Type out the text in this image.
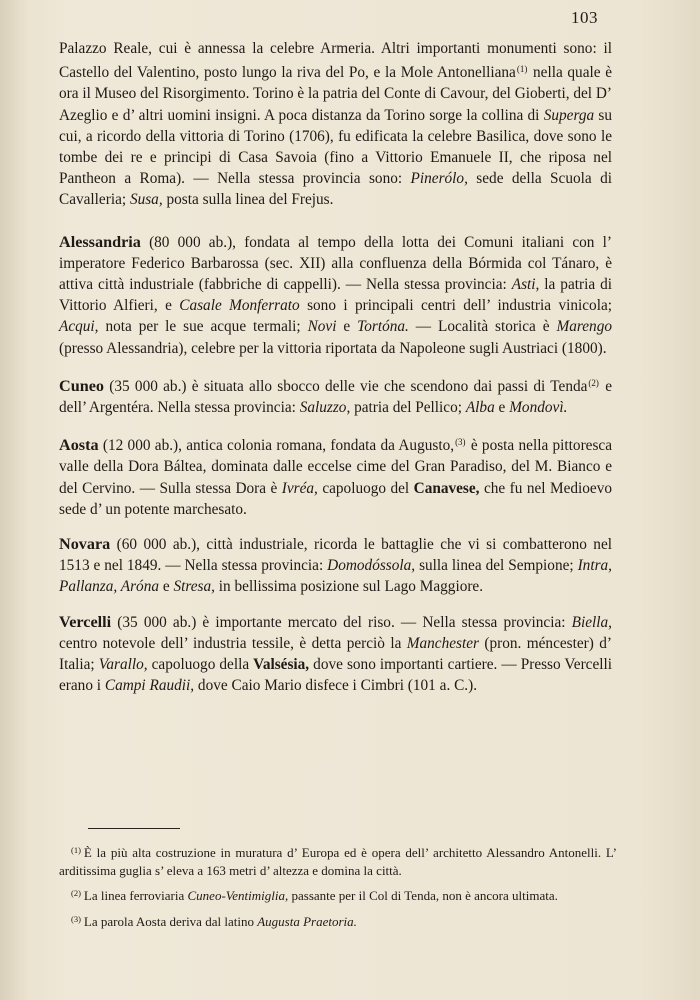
103

Palazzo Reale, cui è annessa la celebre Armeria. Altri importanti monumenti sono: il Castello del Valentino, posto lungo la riva del Po, e la Mole Antonelliana$^{(1)}$ nella quale è ora il Museo del Risorgimento. Torino è la patria del Conte di Cavour, del Gioberti, del D’ Azeglio e d’ altri uomini insigni. A poca distanza da Torino sorge la collina di Superga su cui, a ricordo della vittoria di Torino (1706), fu edificata la celebre Basilica, dove sono le tombe dei re e principi di Casa Savoia (fino a Vittorio Emanuele II, che riposa nel Pantheon a Roma). — Nella stessa provincia sono: Pinerólo, sede della Scuola di Cavalleria; Susa, posta sulla linea del Frejus.

Alessandria (80 000 ab.), fondata al tempo della lotta dei Comuni italiani con l’ imperatore Federico Barbarossa (sec. XII) alla confluenza della Bórmida col Tánaro, è attiva città industriale (fabbriche di cappelli). — Nella stessa provincia: Asti, la patria di Vittorio Alfieri, e Casale Monferrato sono i principali centri dell’ industria vinicola; Acqui, nota per le sue acque termali; Novi e Tortóna. — Località storica è Marengo (presso Alessandria), celebre per la vittoria riportata da Napoleone sugli Austriaci (1800).

Cuneo (35 000 ab.) è situata allo sbocco delle vie che scendono dai passi di Tenda$^{(2)}$ e dell’ Argentéra. Nella stessa provincia: Saluzzo, patria del Pellico; Alba e Mondovì.

Aosta (12 000 ab.), antica colonia romana, fondata da Augusto,$^{(3)}$ è posta nella pittoresca valle della Dora Báltea, dominata dalle eccelse cime del Gran Paradiso, del M. Bianco e del Cervino. — Sulla stessa Dora è Ivréa, capoluogo del Canavese, che fu nel Medioevo sede d’ un potente marchesato.

Novara (60 000 ab.), città industriale, ricorda le battaglie che vi si combatterono nel 1513 e nel 1849. — Nella stessa provincia: Domodóssola, sulla linea del Sempione; Intra, Pallanza, Aróna e Stresa, in bellissima posizione sul Lago Maggiore.

Vercelli (35 000 ab.) è importante mercato del riso. — Nella stessa provincia: Biella, centro notevole dell’ industria tessile, è detta perciò la Manchester (pron. méncester) d’ Italia; Varallo, capoluogo della Valsésia, dove sono importanti cartiere. — Presso Vercelli erano i Campi Raudii, dove Caio Mario disfece i Cimbri (101 a. C.).

$^{(1)}$ È la più alta costruzione in muratura d’ Europa ed è opera dell’ architetto Alessandro Antonelli. L’ arditissima guglia s’ eleva a 163 metri d’ altezza e domina la città.

$^{(2)}$ La linea ferroviaria Cuneo-Ventimiglia, passante per il Col di Tenda, non è ancora ultimata.

$^{(3)}$ La parola Aosta deriva dal latino Augusta Praetoria.
